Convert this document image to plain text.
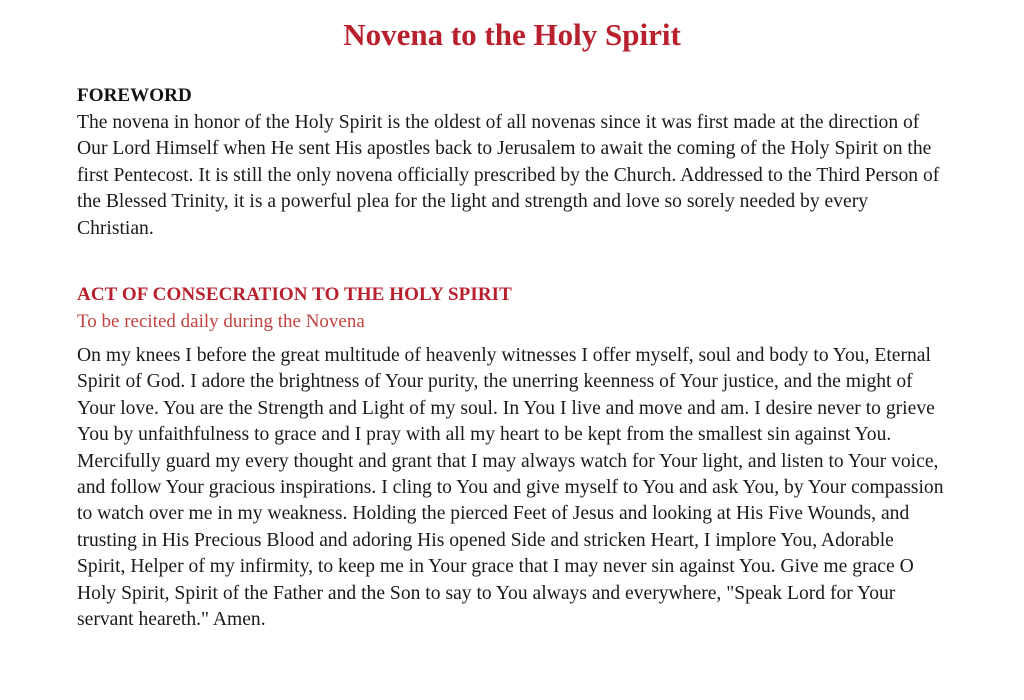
Novena to the Holy Spirit
FOREWORD

The novena in honor of the Holy Spirit is the oldest of all novenas since it was first made at the direction of Our Lord Himself when He sent His apostles back to Jerusalem to await the coming of the Holy Spirit on the first Pentecost. It is still the only novena officially prescribed by the Church. Addressed to the Third Person of the Blessed Trinity, it is a powerful plea for the light and strength and love so sorely needed by every Christian.

ACT OF CONSECRATION TO THE HOLY SPIRIT

To be recited daily during the Novena

On my knees I before the great multitude of heavenly witnesses I offer myself, soul and body to You, Eternal Spirit of God. I adore the brightness of Your purity, the unerring keenness of Your justice, and the might of Your love. You are the Strength and Light of my soul. In You I live and move and am. I desire never to grieve You by unfaithfulness to grace and I pray with all my heart to be kept from the smallest sin against You. Mercifully guard my every thought and grant that I may always watch for Your light, and listen to Your voice, and follow Your gracious inspirations. I cling to You and give myself to You and ask You, by Your compassion to watch over me in my weakness. Holding the pierced Feet of Jesus and looking at His Five Wounds, and trusting in His Precious Blood and adoring His opened Side and stricken Heart, I implore You, Adorable Spirit, Helper of my infirmity, to keep me in Your grace that I may never sin against You. Give me grace O Holy Spirit, Spirit of the Father and the Son to say to You always and everywhere, "Speak Lord for Your servant heareth." Amen.
